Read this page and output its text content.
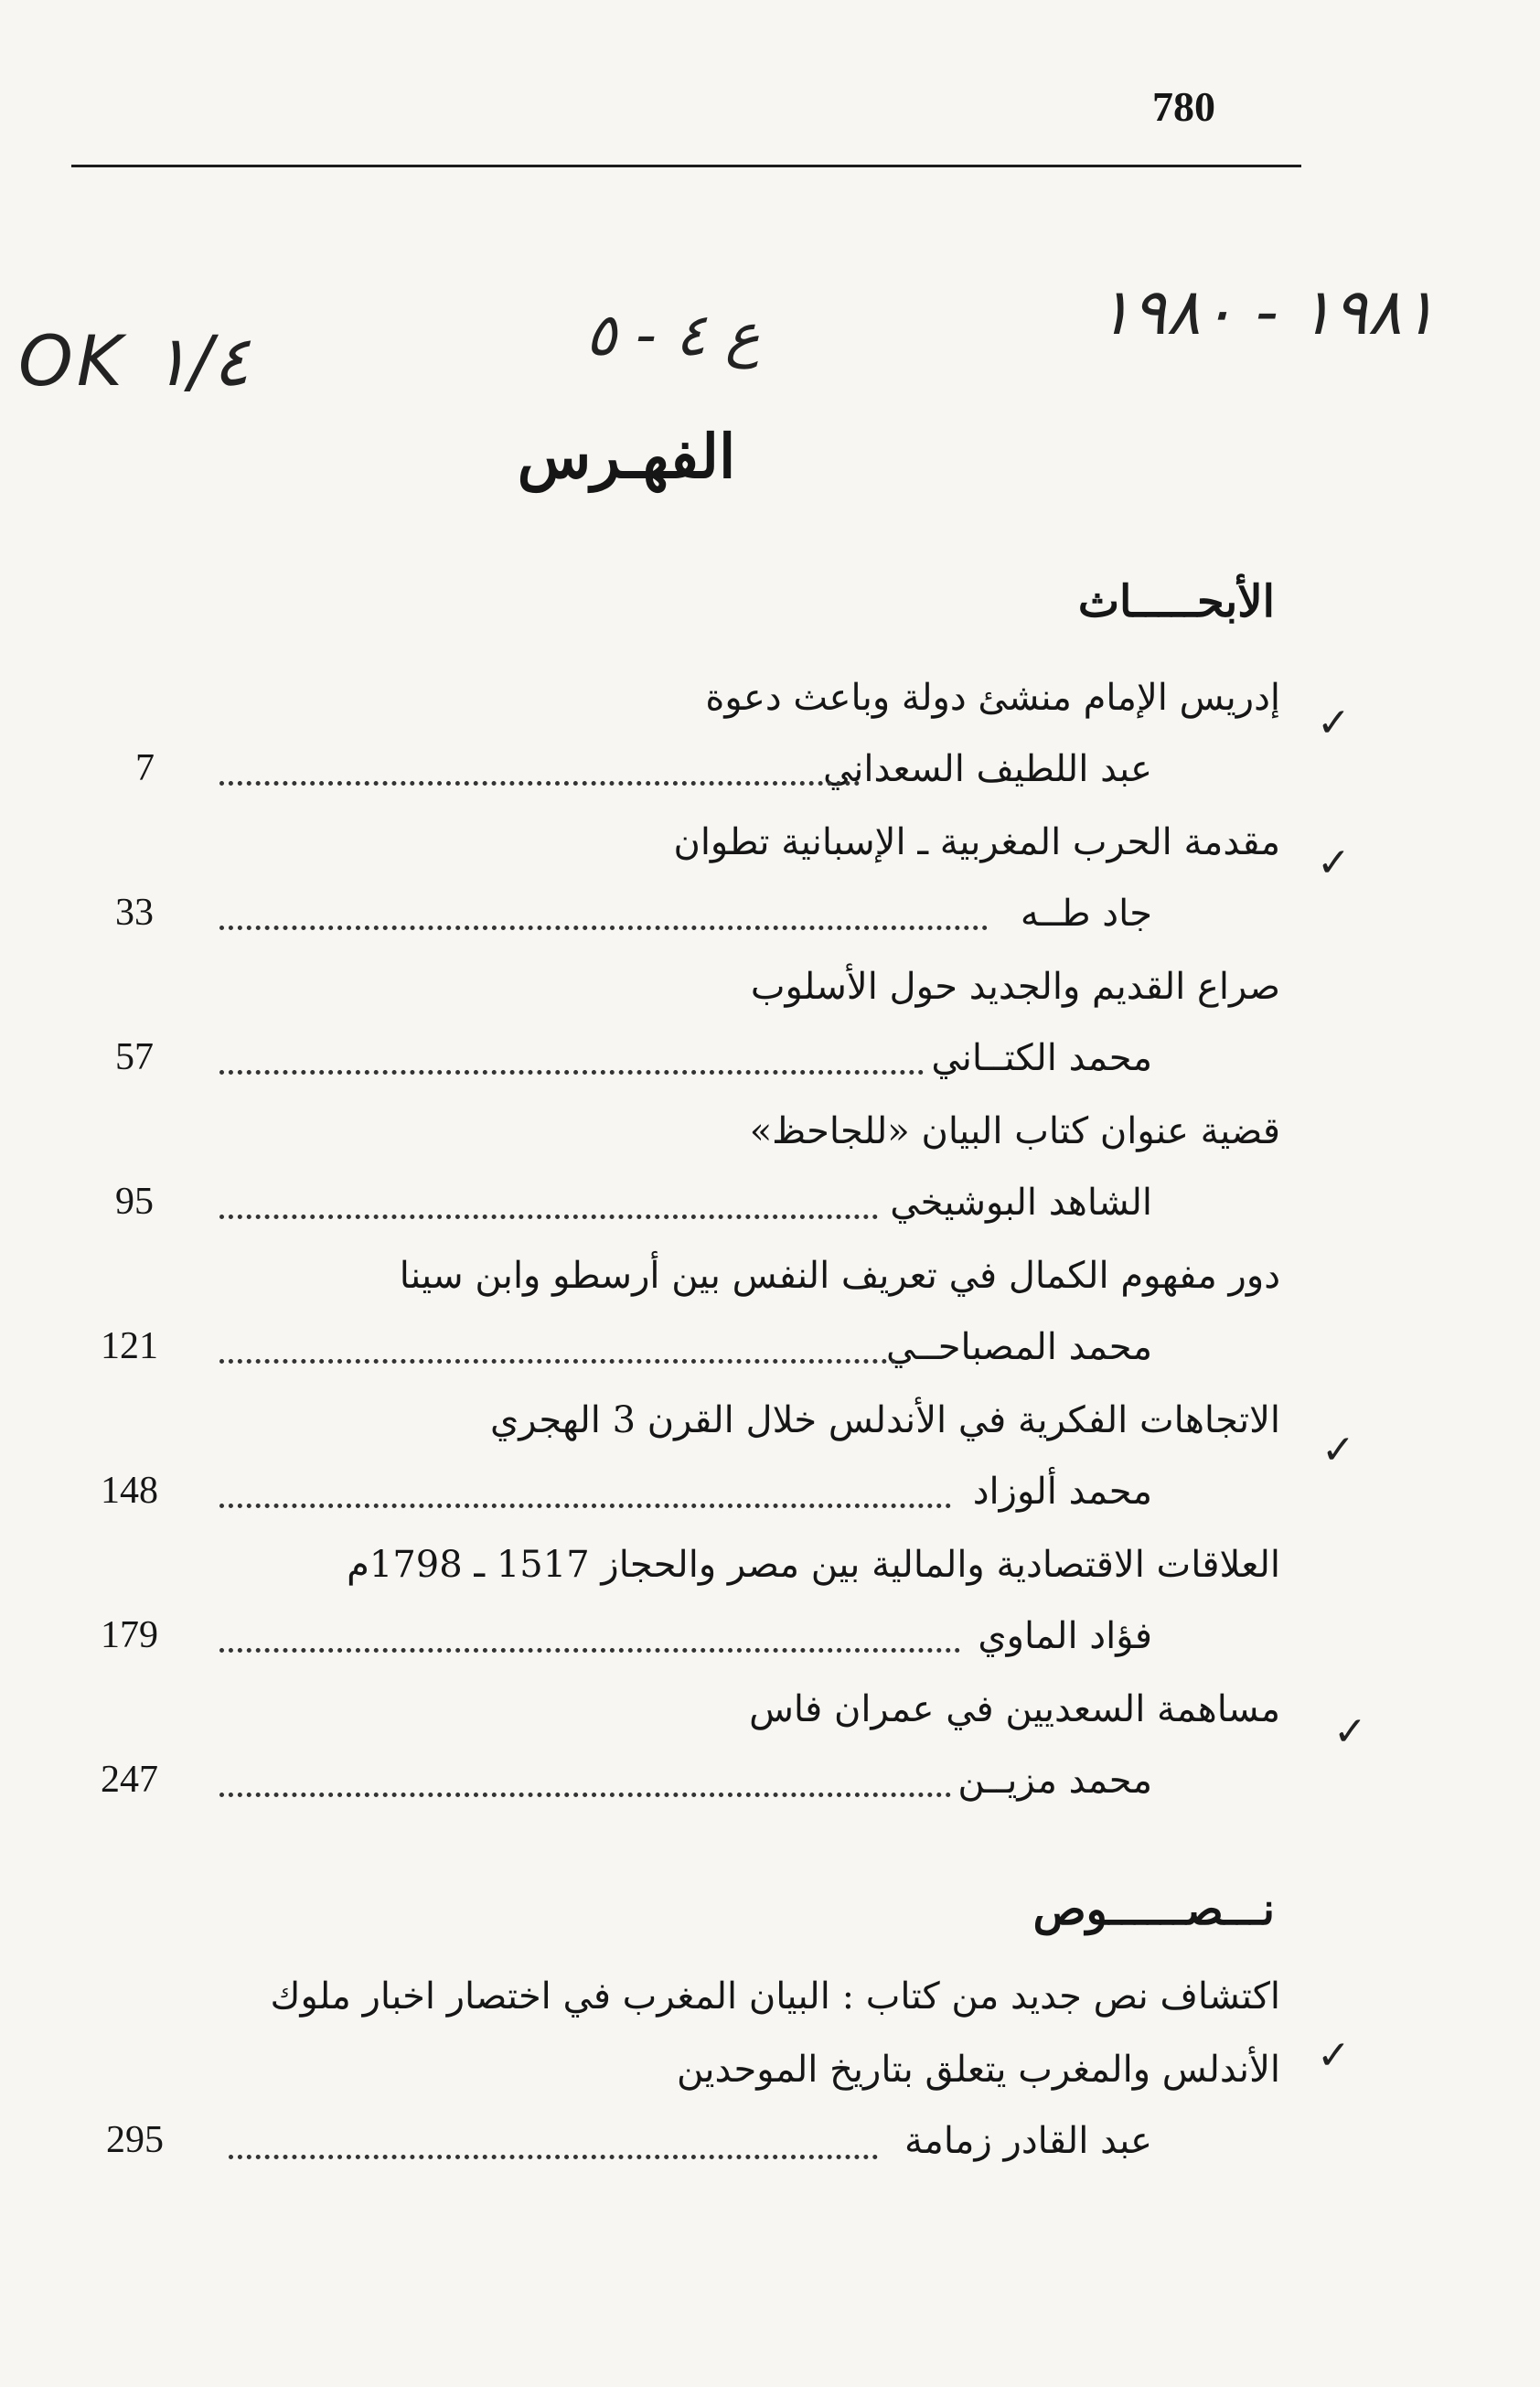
780
OK ١/٤	ع ٤ - ٥	١٩٨١ - ١٩٨٠
الفهـرس
الأبحـــــاث
إدريس الإمام منشئ دولة وباعث دعوة
عبد اللطيف السعداني
7
✓
مقدمة الحرب المغربية ـ الإسبانية تطوان
جاد طــه
33
✓
صراع القديم والجديد حول الأسلوب
محمد الكتــاني
57
قضية عنوان كتاب البيان «للجاحظ»
الشاهد البوشيخي
95
دور مفهوم الكمال في تعريف النفس بين أرسطو وابن سينا
محمد المصباحــي
121
الاتجاهات الفكرية في الأندلس خلال القرن 3 الهجري
محمد ألوزاد
148
✓
العلاقات الاقتصادية والمالية بين مصر والحجاز 1517 ـ 1798م
فؤاد الماوي
179
مساهمة السعديين في عمران فاس
محمد مزيــن
247
✓
نـــصــــــوص
اكتشاف نص جديد من كتاب : البيان المغرب في اختصار اخبار ملوك
الأندلس والمغرب يتعلق بتاريخ الموحدين
عبد القادر زمامة
295
✓
